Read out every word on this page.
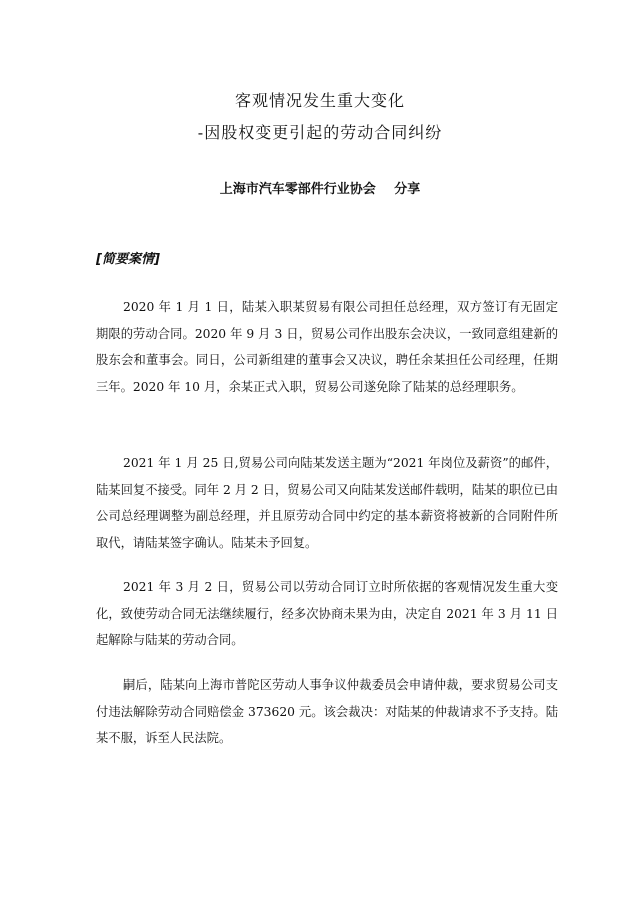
客观情况发生重大变化
-因股权变更引起的劳动合同纠纷
上海市汽车零部件行业协会 分享
[简要案情]

2020 年 1 月 1 日，陆某入职某贸易有限公司担任总经理，双方签订有无固定期限的劳动合同。2020 年 9 月 3 日，贸易公司作出股东会决议，一致同意组建新的股东会和董事会。同日，公司新组建的董事会又决议，聘任余某担任公司经理，任期三年。2020 年 10 月，余某正式入职，贸易公司遂免除了陆某的总经理职务。

2021 年 1 月 25 日,贸易公司向陆某发送主题为“2021 年岗位及薪资”的邮件，陆某回复不接受。同年 2 月 2 日，贸易公司又向陆某发送邮件载明，陆某的职位已由公司总经理调整为副总经理，并且原劳动合同中约定的基本薪资将被新的合同附件所取代，请陆某签字确认。陆某未予回复。

2021 年 3 月 2 日，贸易公司以劳动合同订立时所依据的客观情况发生重大变化，致使劳动合同无法继续履行，经多次协商未果为由，决定自 2021 年 3 月 11 日起解除与陆某的劳动合同。

嗣后，陆某向上海市普陀区劳动人事争议仲裁委员会申请仲裁，要求贸易公司支付违法解除劳动合同赔偿金 373620 元。该会裁决：对陆某的仲裁请求不予支持。陆某不服，诉至人民法院。
